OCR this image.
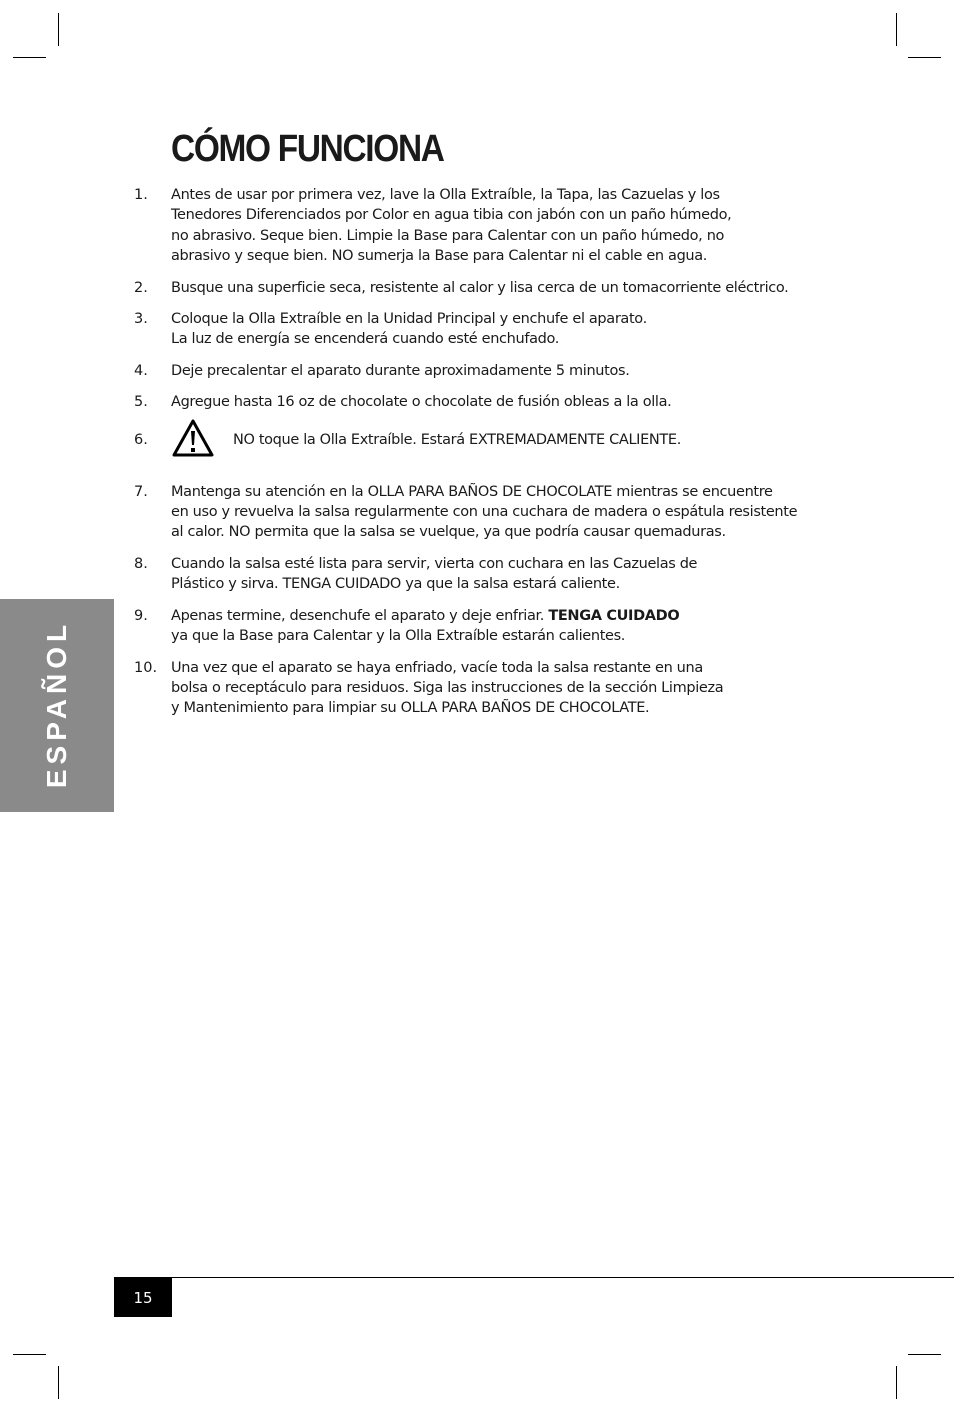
CÓMO FUNCIONA
1. Antes de usar por primera vez, lave la Olla Extraíble, la Tapa, las Cazuelas y los
Tenedores Diferenciados por Color en agua tibia con jabón con un paño húmedo,
no abrasivo. Seque bien. Limpie la Base para Calentar con un paño húmedo, no
abrasivo y seque bien. NO sumerja la Base para Calentar ni el cable en agua.
2. Busque una superficie seca, resistente al calor y lisa cerca de un tomacorriente eléctrico.
3. Coloque la Olla Extraíble en la Unidad Principal y enchufe el aparato.
La luz de energía se encenderá cuando esté enchufado.
4. Deje precalentar el aparato durante aproximadamente 5 minutos.
5. Agregue hasta 16 oz de chocolate o chocolate de fusión obleas a la olla.
6.	NO toque la Olla Extraíble. Estará EXTREMADAMENTE CALIENTE.
7. Mantenga su atención en la OLLA PARA BAÑOS DE CHOCOLATE mientras se encuentre
en uso y revuelva la salsa regularmente con una cuchara de madera o espátula resistente
al calor. NO permita que la salsa se vuelque, ya que podría causar quemaduras.
8. Cuando la salsa esté lista para servir, vierta con cuchara en las Cazuelas de
Plástico y sirva. TENGA CUIDADO ya que la salsa estará caliente.
9. Apenas termine, desenchufe el aparato y deje enfriar. TENGA CUIDADO
ya que la Base para Calentar y la Olla Extraíble estarán calientes.
10. Una vez que el aparato se haya enfriado, vacíe toda la salsa restante en una
bolsa o receptáculo para residuos. Siga las instrucciones de la sección Limpieza
y Mantenimiento para limpiar su OLLA PARA BAÑOS DE CHOCOLATE.
ESPAÑOL
15
